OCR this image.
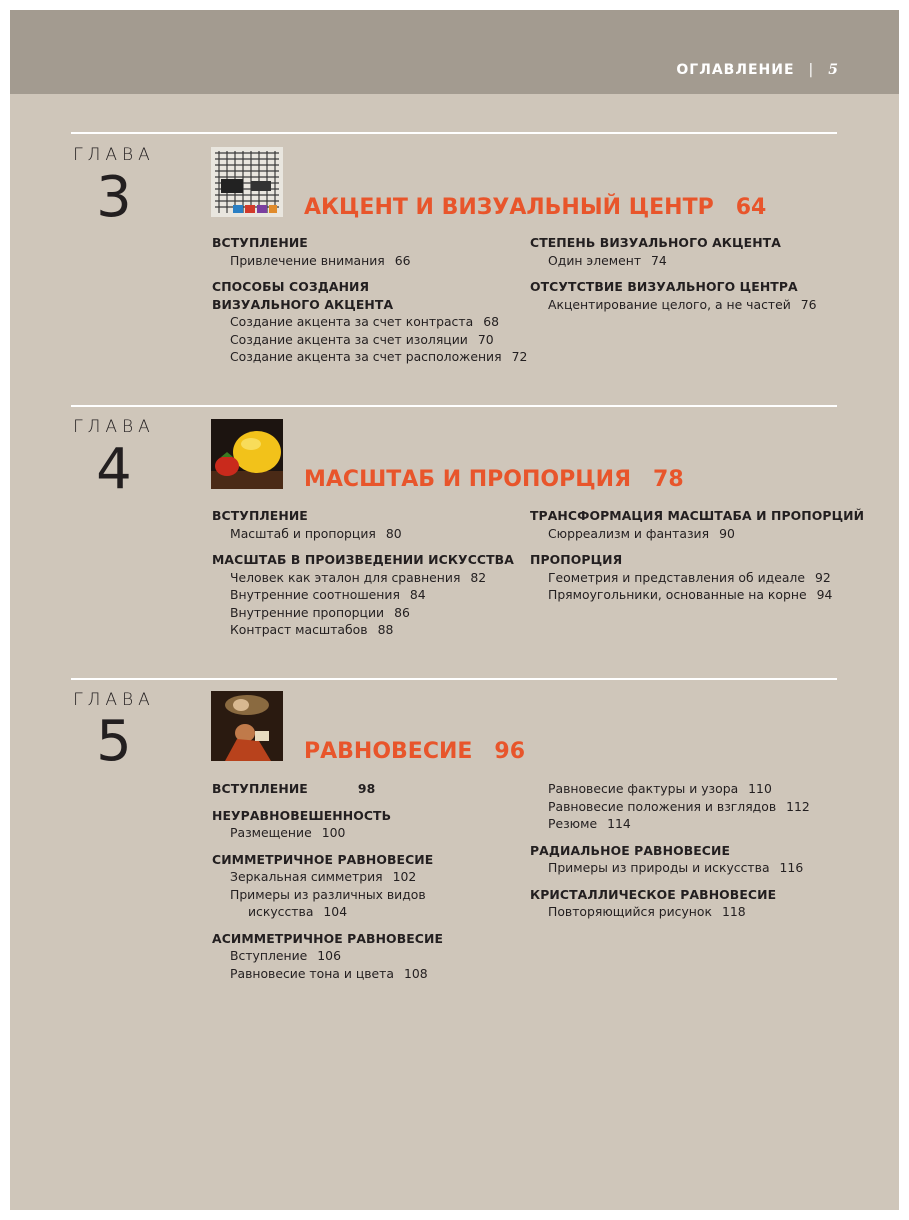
ОГЛАВЛЕНИЕ | 5
ГЛАВА
3	АКЦЕНТ И ВИЗУАЛЬНЫЙ ЦЕНТР 64
ВСТУПЛЕНИЕ
Привлечение внимания 66
СПОСОБЫ СОЗДАНИЯ
ВИЗУАЛЬНОГО АКЦЕНТА
Создание акцента за счет контраста 68
Создание акцента за счет изоляции 70
Создание акцента за счет расположения 72
СТЕПЕНЬ ВИЗУАЛЬНОГО АКЦЕНТА
Один элемент 74
ОТСУТСТВИЕ ВИЗУАЛЬНОГО ЦЕНТРА
Акцентирование целого, а не частей 76
ГЛАВА
4	МАСШТАБ И ПРОПОРЦИЯ 78
ВСТУПЛЕНИЕ
Масштаб и пропорция 80
МАСШТАБ В ПРОИЗВЕДЕНИИ ИСКУССТВА
Человек как эталон для сравнения 82
Внутренние соотношения 84
Внутренние пропорции 86
Контраст масштабов 88
ТРАНСФОРМАЦИЯ МАСШТАБА И ПРОПОРЦИЙ
Сюрреализм и фантазия 90
ПРОПОРЦИЯ
Геометрия и представления об идеале 92
Прямоугольники, основанные на корне 94
ГЛАВА
5	РАВНОВЕСИЕ 96
ВСТУПЛЕНИЕ	98
НЕУРАВНОВЕШЕННОСТЬ
Размещение 100
СИММЕТРИЧНОЕ РАВНОВЕСИЕ
Зеркальная симметрия 102
Примеры из различных видов
искусства 104
АСИММЕТРИЧНОЕ РАВНОВЕСИЕ
Вступление 106
Равновесие тона и цвета 108
Равновесие фактуры и узора 110
Равновесие положения и взглядов 112
Резюме 114
РАДИАЛЬНОЕ РАВНОВЕСИЕ
Примеры из природы и искусства 116
КРИСТАЛЛИЧЕСКОЕ РАВНОВЕСИЕ
Повторяющийся рисунок 118
